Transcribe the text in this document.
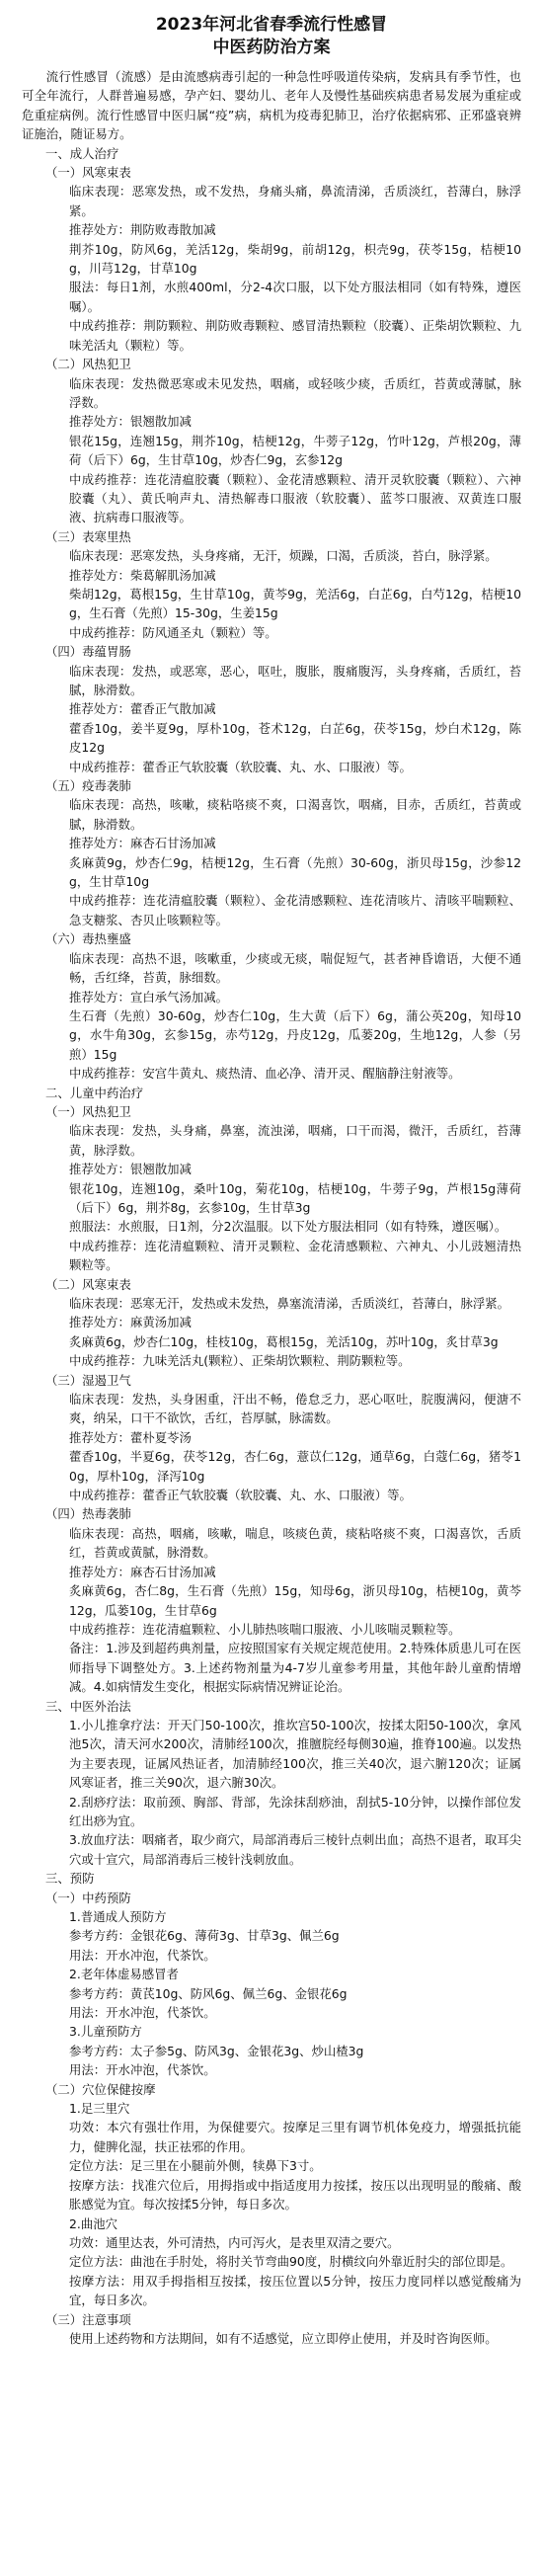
2023年河北省春季流行性感冒
中医药防治方案

流行性感冒（流感）是由流感病毒引起的一种急性呼吸道传染病，发病具有季节性，也可全年流行，人群普遍易感，孕产妇、婴幼儿、老年人及慢性基础疾病患者易发展为重症或危重症病例。流行性感冒中医归属“疫”病，病机为疫毒犯肺卫，治疗依据病邪、正邪盛衰辨证施治，随证易方。

一、成人治疗

（一）风寒束表

临床表现：恶寒发热，或不发热，身痛头痛，鼻流清涕，舌质淡红，苔薄白，脉浮紧。

推荐处方：荆防败毒散加减

荆芥10g，防风6g，羌活12g，柴胡9g，前胡12g，枳壳9g，茯苓15g，桔梗10g，川芎12g，甘草10g

服法：每日1剂，水煎400ml，分2-4次口服，以下处方服法相同（如有特殊，遵医嘱）。

中成药推荐：荆防颗粒、荆防败毒颗粒、感冒清热颗粒（胶囊）、正柴胡饮颗粒、九味羌活丸（颗粒）等。

（二）风热犯卫

临床表现：发热微恶寒或未见发热，咽痛，或轻咳少痰，舌质红，苔黄或薄腻，脉浮数。

推荐处方：银翘散加减

银花15g，连翘15g，荆芥10g，桔梗12g，牛蒡子12g，竹叶12g，芦根20g，薄荷（后下）6g，生甘草10g，炒杏仁9g，玄参12g

中成药推荐：连花清瘟胶囊（颗粒）、金花清感颗粒、清开灵软胶囊（颗粒）、六神胶囊（丸）、黄氏响声丸、清热解毒口服液（软胶囊）、蓝芩口服液、双黄连口服液、抗病毒口服液等。

（三）表寒里热

临床表现：恶寒发热，头身疼痛，无汗，烦躁，口渴，舌质淡，苔白，脉浮紧。

推荐处方：柴葛解肌汤加减

柴胡12g，葛根15g，生甘草10g，黄芩9g，羌活6g，白芷6g，白芍12g，桔梗10g，生石膏（先煎）15-30g，生姜15g

中成药推荐：防风通圣丸（颗粒）等。

（四）毒蕴胃肠

临床表现：发热，或恶寒，恶心，呕吐，腹胀，腹痛腹泻，头身疼痛，舌质红，苔腻，脉滑数。

推荐处方：藿香正气散加减

藿香10g，姜半夏9g，厚朴10g，苍术12g，白芷6g，茯苓15g，炒白术12g，陈皮12g

中成药推荐：藿香正气软胶囊（软胶囊、丸、水、口服液）等。

（五）疫毒袭肺

临床表现：高热，咳嗽，痰粘咯痰不爽，口渴喜饮，咽痛，目赤，舌质红，苔黄或腻，脉滑数。

推荐处方：麻杏石甘汤加减

炙麻黄9g，炒杏仁9g，桔梗12g，生石膏（先煎）30-60g，浙贝母15g，沙参12g，生甘草10g

中成药推荐：连花清瘟胶囊（颗粒）、金花清感颗粒、连花清咳片、清咳平喘颗粒、急支糖浆、杏贝止咳颗粒等。

（六）毒热壅盛

临床表现：高热不退，咳嗽重，少痰或无痰，喘促短气，甚者神昏谵语，大便不通畅，舌红绛，苔黄，脉细数。

推荐处方：宣白承气汤加减。

生石膏（先煎）30-60g，炒杏仁10g，生大黄（后下）6g，蒲公英20g，知母10g，水牛角30g，玄参15g，赤芍12g，丹皮12g，瓜蒌20g，生地12g，人参（另煎）15g

中成药推荐：安宫牛黄丸、痰热清、血必净、清开灵、醒脑静注射液等。

二、儿童中药治疗

（一）风热犯卫

临床表现：发热，头身痛，鼻塞，流浊涕，咽痛，口干而渴，微汗，舌质红，苔薄黄，脉浮数。

推荐处方：银翘散加减

银花10g，连翘10g，桑叶10g，菊花10g，桔梗10g，牛蒡子9g，芦根15g薄荷（后下）6g，荆芥8g，玄参10g，生甘草3g

煎服法：水煎服，日1剂，分2次温服。以下处方服法相同（如有特殊，遵医嘱）。

中成药推荐：连花清瘟颗粒、清开灵颗粒、金花清感颗粒、六神丸、小儿豉翘清热颗粒等。

（二）风寒束表

临床表现：恶寒无汗，发热或未发热，鼻塞流清涕，舌质淡红，苔薄白，脉浮紧。

推荐处方：麻黄汤加减

炙麻黄6g，炒杏仁10g，桂枝10g，葛根15g，羌活10g，苏叶10g，炙甘草3g

中成药推荐：九味羌活丸(颗粒）、正柴胡饮颗粒、荆防颗粒等。

（三）湿遏卫气

临床表现：发热，头身困重，汗出不畅，倦怠乏力，恶心呕吐，脘腹满闷，便溏不爽，纳呆，口干不欲饮，舌红，苔厚腻，脉濡数。

推荐处方：藿朴夏苓汤

藿香10g，半夏6g，茯苓12g，杏仁6g，薏苡仁12g，通草6g，白蔻仁6g，猪苓10g，厚朴10g，泽泻10g

中成药推荐：藿香正气软胶囊（软胶囊、丸、水、口服液）等。

（四）热毒袭肺

临床表现：高热，咽痛，咳嗽，喘息，咳痰色黄，痰粘咯痰不爽，口渴喜饮，舌质红，苔黄或黄腻，脉滑数。

推荐处方：麻杏石甘汤加减

炙麻黄6g，杏仁8g，生石膏（先煎）15g，知母6g，浙贝母10g，桔梗10g，黄芩12g，瓜蒌10g，生甘草6g

中成药推荐：连花清瘟颗粒、小儿肺热咳喘口服液、小儿咳喘灵颗粒等。

备注：1.涉及到超药典剂量，应按照国家有关规定规范使用。2.特殊体质患儿可在医师指导下调整处方。3.上述药物剂量为4-7岁儿童参考用量，其他年龄儿童酌情增减。4.如病情发生变化，根据实际病情况辨证论治。

三、中医外治法

1.小儿推拿疗法：开天门50-100次，推坎宫50-100次，按揉太阳50-100次，拿风池5次，清天河水200次，清肺经100次，推膻脘经每侧30遍，推脊100遍。以发热为主要表现，证属风热证者，加清肺经100次，推三关40次，退六腑120次；证属风寒证者，推三关90次，退六腑30次。

2.刮痧疗法：取前颈、胸部、背部，先涂抹刮痧油，刮拭5-10分钟，以操作部位发红出痧为宜。

3.放血疗法：咽痛者，取少商穴，局部消毒后三棱针点刺出血；高热不退者，取耳尖穴或十宣穴，局部消毒后三棱针浅刺放血。

三、预防

（一）中药预防

1.普通成人预防方

参考方药：金银花6g、薄荷3g、甘草3g、佩兰6g

用法：开水冲泡，代茶饮。

2.老年体虚易感冒者

参考方药：黄芪10g、防风6g、佩兰6g、金银花6g

用法：开水冲泡，代茶饮。

3.儿童预防方

参考方药：太子参5g、防风3g、金银花3g、炒山楂3g

用法：开水冲泡，代茶饮。

（二）穴位保健按摩

1.足三里穴

功效：本穴有强壮作用，为保健要穴。按摩足三里有调节机体免疫力，增强抵抗能力，健脾化湿，扶正祛邪的作用。

定位方法：足三里在小腿前外侧，犊鼻下3寸。

按摩方法：找准穴位后，用拇指或中指适度用力按揉，按压以出现明显的酸痛、酸胀感觉为宜。每次按揉5分钟，每日多次。

2.曲池穴

功效：通里达表，外可清热，内可泻火，是表里双清之要穴。

定位方法：曲池在手肘处，将肘关节弯曲90度，肘横纹向外靠近肘尖的部位即是。

按摩方法：用双手拇指相互按揉，按压位置以5分钟，按压力度同样以感觉酸痛为宜，每日多次。

（三）注意事项

使用上述药物和方法期间，如有不适感觉，应立即停止使用，并及时咨询医师。
